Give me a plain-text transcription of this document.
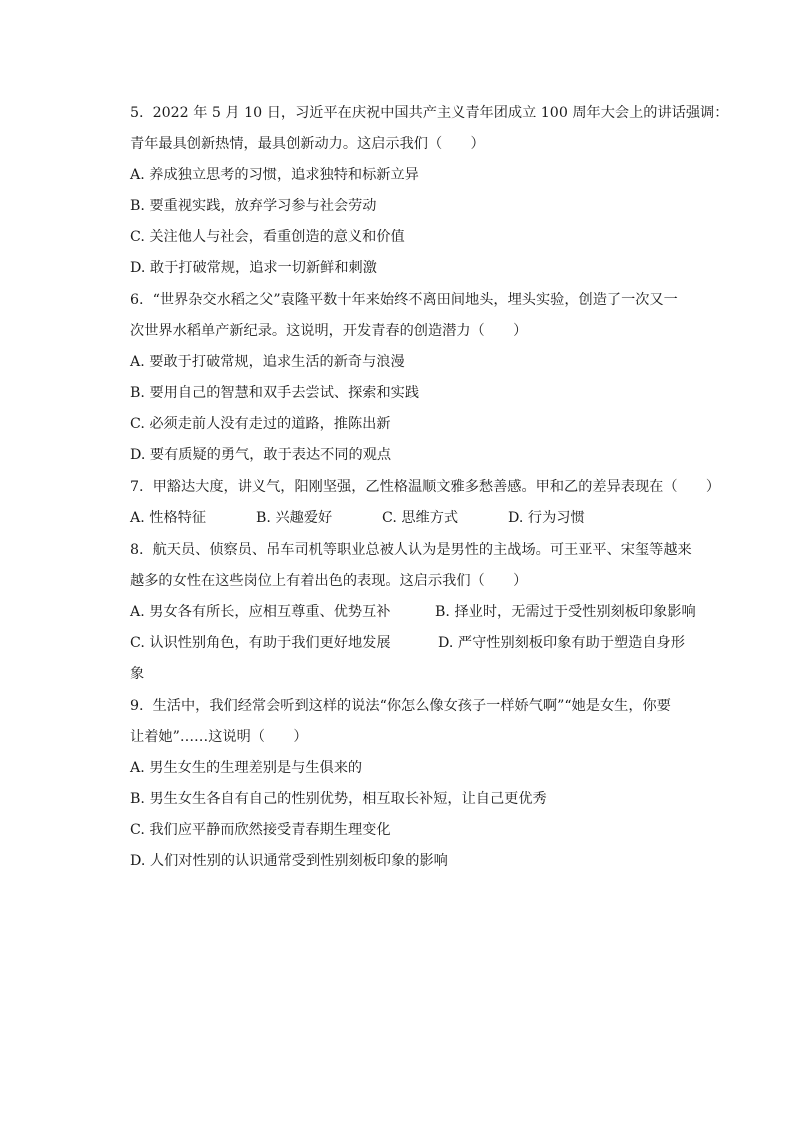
5. 2022 年 5 月 10 日，习近平在庆祝中国共产主义青年团成立 100 周年大会上的讲话强调：
青年最具创新热情，最具创新动力。这启示我们（　　）
A. 养成独立思考的习惯，追求独特和标新立异
B. 要重视实践，放弃学习参与社会劳动
C. 关注他人与社会，看重创造的意义和价值
D. 敢于打破常规，追求一切新鲜和刺激
6. “世界杂交水稻之父”袁隆平数十年来始终不离田间地头，埋头实验，创造了一次又一
次世界水稻单产新纪录。这说明，开发青春的创造潜力（　　）
A. 要敢于打破常规，追求生活的新奇与浪漫
B. 要用自己的智慧和双手去尝试、探索和实践
C. 必须走前人没有走过的道路，推陈出新
D. 要有质疑的勇气，敢于表达不同的观点
7. 甲豁达大度，讲义气，阳刚坚强，乙性格温顺文雅多愁善感。甲和乙的差异表现在（　　）
A. 性格特征	B. 兴趣爱好	C. 思维方式	D. 行为习惯
8. 航天员、侦察员、吊车司机等职业总被人认为是男性的主战场。可王亚平、宋玺等越来
越多的女性在这些岗位上有着出色的表现。这启示我们（　　）
A. 男女各有所长，应相互尊重、优势互补	B. 择业时，无需过于受性别刻板印象影响
C. 认识性别角色，有助于我们更好地发展	D. 严守性别刻板印象有助于塑造自身形
象
9. 生活中，我们经常会听到这样的说法“你怎么像女孩子一样娇气啊”“她是女生，你要
让着她”……这说明（　　）
A. 男生女生的生理差别是与生俱来的
B. 男生女生各自有自己的性别优势，相互取长补短，让自己更优秀
C. 我们应平静而欣然接受青春期生理变化
D. 人们对性别的认识通常受到性别刻板印象的影响
